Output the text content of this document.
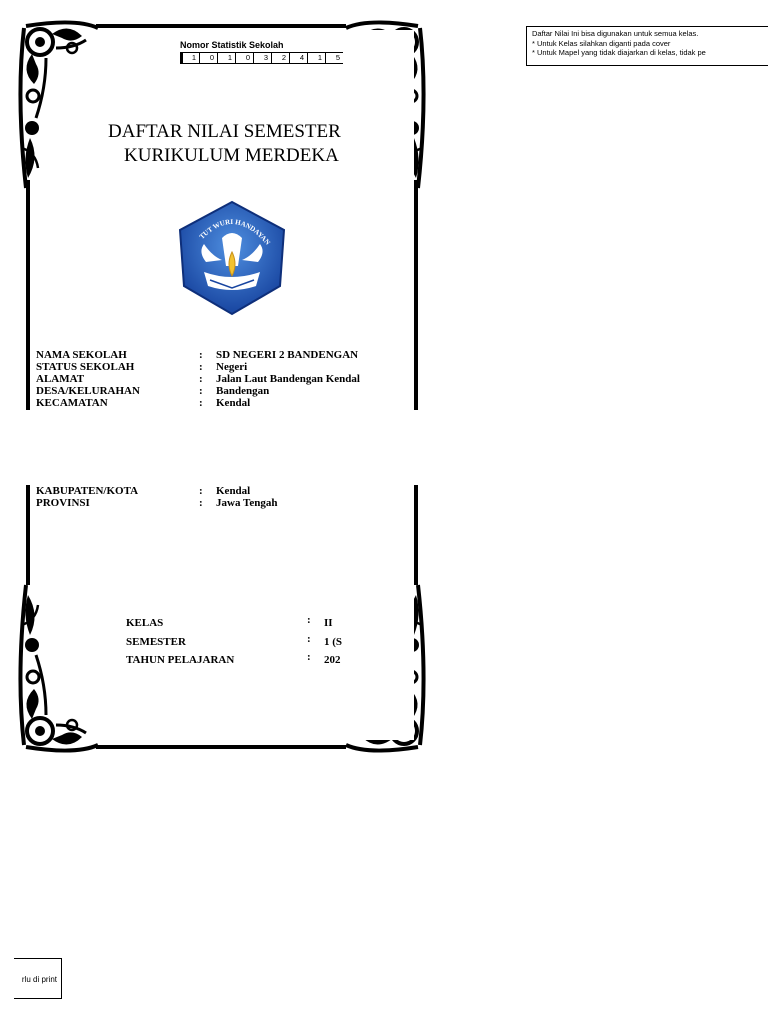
Nomor Statistik Sekolah
1	0	1	0	3	2	4	1	5
DAFTAR NILAI SEMESTER
KURIKULUM MERDEKA
TUT WURI HANDAYAN
NAMA SEKOLAH	: SD NEGERI 2 BANDENGAN
STATUS SEKOLAH	: Negeri
ALAMAT	: Jalan Laut Bandengan Kendal
DESA/KELURAHAN	: Bandengan
KECAMATAN	: Kendal
KABUPATEN/KOTA	: Kendal
PROVINSI	: Jawa Tengah
KELAS	: II
SEMESTER	: 1 (S
TAHUN PELAJARAN	: 202
Daftar Nilai Ini bisa digunakan untuk semua kelas.
* Untuk Kelas silahkan diganti pada cover
* Untuk Mapel yang tidak diajarkan di kelas, tidak pe
rlu di print
